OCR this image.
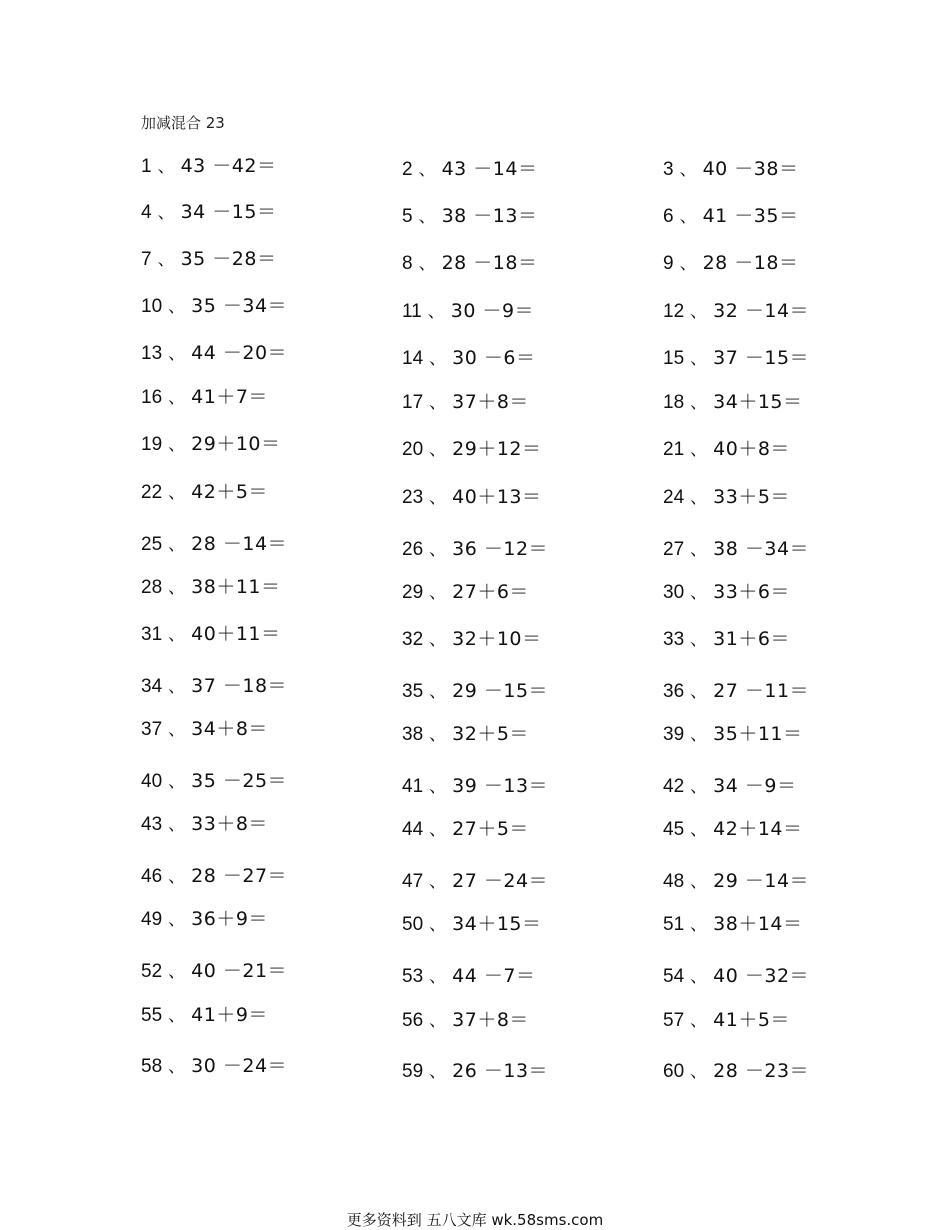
加减混合 23
1 、 43 －42＝	2 、 43 －14＝	3 、 40 －38＝
4 、 34 －15＝	5 、 38 －13＝	6 、 41 －35＝
7 、 35 －28＝	8 、 28 －18＝	9 、 28 －18＝
10 、 35 －34＝	11 、 30 －9＝	12 、 32 －14＝
13 、 44 －20＝	14 、 30 －6＝	15 、 37 －15＝
16 、 41＋7＝	17 、 37＋8＝	18 、 34＋15＝
19 、 29＋10＝	20 、 29＋12＝	21 、 40＋8＝
22 、 42＋5＝	23 、 40＋13＝	24 、 33＋5＝
25 、 28 －14＝	26 、 36 －12＝	27 、 38 －34＝
28 、 38＋11＝	29 、 27＋6＝	30 、 33＋6＝
31 、 40＋11＝	32 、 32＋10＝	33 、 31＋6＝
34 、 37 －18＝	35 、 29 －15＝	36 、 27 －11＝
37 、 34＋8＝	38 、 32＋5＝	39 、 35＋11＝
40 、 35 －25＝	41 、 39 －13＝	42 、 34 －9＝
43 、 33＋8＝	44 、 27＋5＝	45 、 42＋14＝
46 、 28 －27＝	47 、 27 －24＝	48 、 29 －14＝
49 、 36＋9＝	50 、 34＋15＝	51 、 38＋14＝
52 、 40 －21＝	53 、 44 －7＝	54 、 40 －32＝
55 、 41＋9＝	56 、 37＋8＝	57 、 41＋5＝
58 、 30 －24＝	59 、 26 －13＝	60 、 28 －23＝
更多资料到 五八文库 wk.58sms.com
